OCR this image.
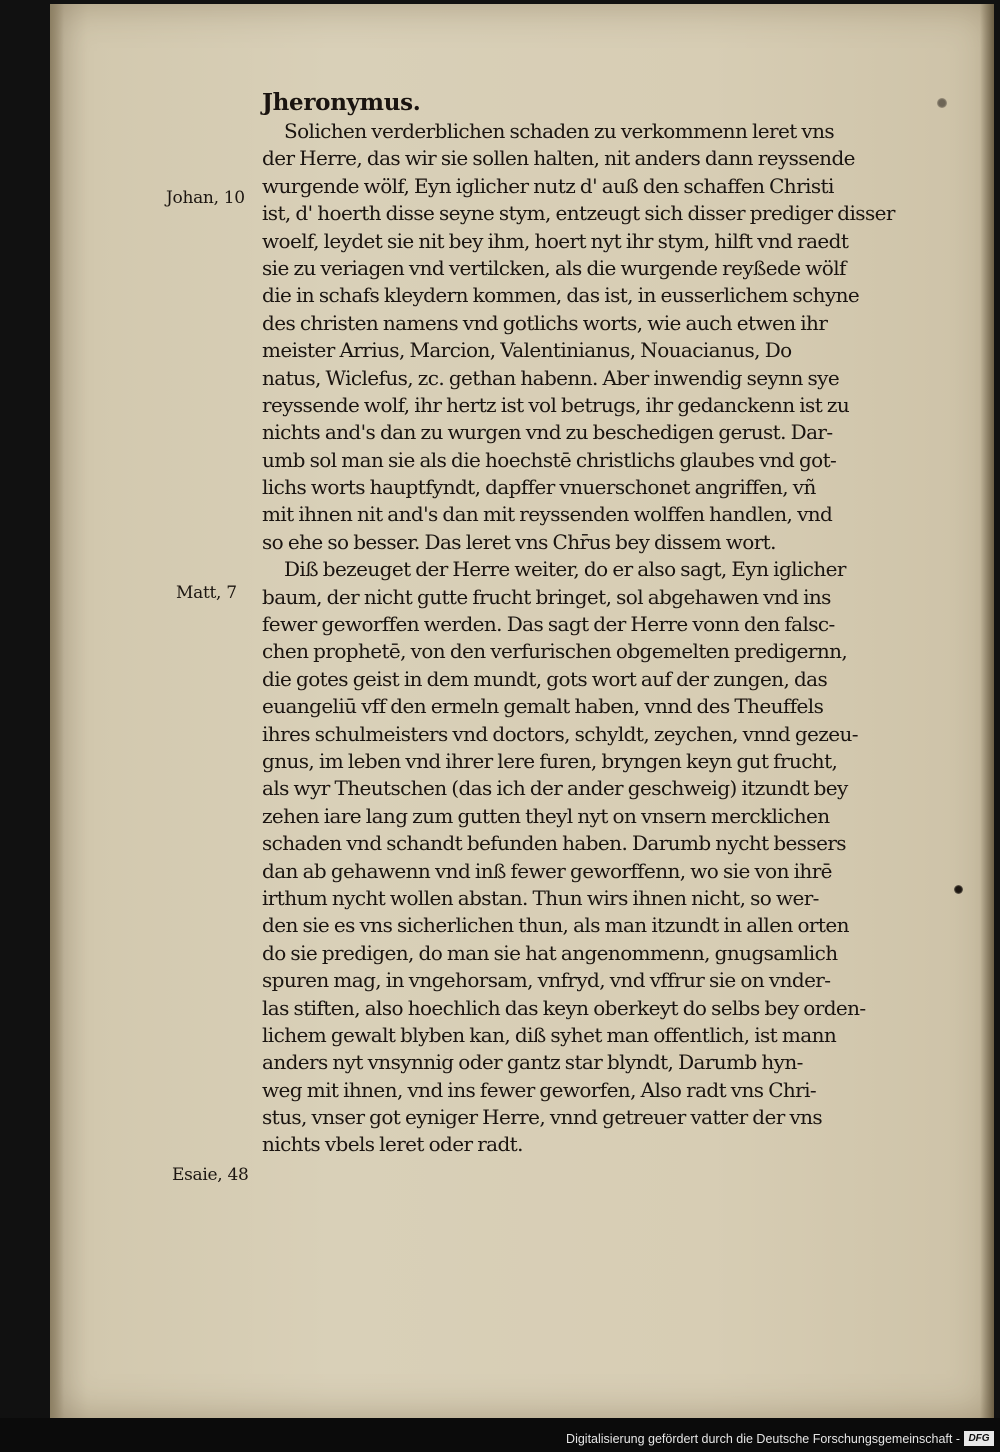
Jheronymus.
Solichen verderblichen schaden zu verkommenn leret vns
der Herre, das wir sie sollen halten, nit anders dann reyssende
wurgende wölf, Eyn iglicher nutz d' auß den schaffen Christi
ist, d' hoerth disse seyne stym, entzeugt sich disser prediger disser
woelf, leydet sie nit bey ihm, hoert nyt ihr stym, hilft vnd raedt
sie zu veriagen vnd vertilcken, als die wurgende reyßede wölf
die in schafs kleydern kommen, das ist, in eusserlichem schyne
des christen namens vnd gotlichs worts, wie auch etwen ihr
meister Arrius, Marcion, Valentinianus, Nouacianus, Do
natus, Wiclefus, zc. gethan habenn. Aber inwendig seynn sye
reyssende wolf, ihr hertz ist vol betrugs, ihr gedanckenn ist zu
nichts and's dan zu wurgen vnd zu beschedigen gerust. Dar-
umb sol man sie als die hoechstē christlichs glaubes vnd got-
lichs worts hauptfyndt, dapffer vnuerschonet angriffen, vñ
mit ihnen nit and's dan mit reyssenden wolffen handlen, vnd
so ehe so besser. Das leret vns Chr̄us bey dissem wort.
Diß bezeuget der Herre weiter, do er also sagt, Eyn iglicher
baum, der nicht gutte frucht bringet, sol abgehawen vnd ins
fewer geworffen werden. Das sagt der Herre vonn den falsc-
chen prophetē, von den verfurischen obgemelten predigernn,
die gotes geist in dem mundt, gots wort auf der zungen, das
euangeliū vff den ermeln gemalt haben, vnnd des Theuffels
ihres schulmeisters vnd doctors, schyldt, zeychen, vnnd gezeu-
gnus, im leben vnd ihrer lere furen, bryngen keyn gut frucht,
als wyr Theutschen (das ich der ander geschweig) itzundt bey
zehen iare lang zum gutten theyl nyt on vnsern mercklichen
schaden vnd schandt befunden haben. Darumb nycht bessers
dan ab gehawenn vnd inß fewer geworffenn, wo sie von ihrē
irthum nycht wollen abstan. Thun wirs ihnen nicht, so wer-
den sie es vns sicherlichen thun, als man itzundt in allen orten
do sie predigen, do man sie hat angenommenn, gnugsamlich
spuren mag, in vngehorsam, vnfryd, vnd vffrur sie on vnder-
las stiften, also hoechlich das keyn oberkeyt do selbs bey orden-
lichem gewalt blyben kan, diß syhet man offentlich, ist mann
anders nyt vnsynnig oder gantz star blyndt, Darumb hyn-
weg mit ihnen, vnd ins fewer geworfen, Also radt vns Chri-
stus, vnser got eyniger Herre, vnnd getreuer vatter der vns
nichts vbels leret oder radt.
Johan, 10
Matt, 7
Esaie, 48
Digitalisierung gefördert durch die Deutsche Forschungsgemeinschaft - DFG
